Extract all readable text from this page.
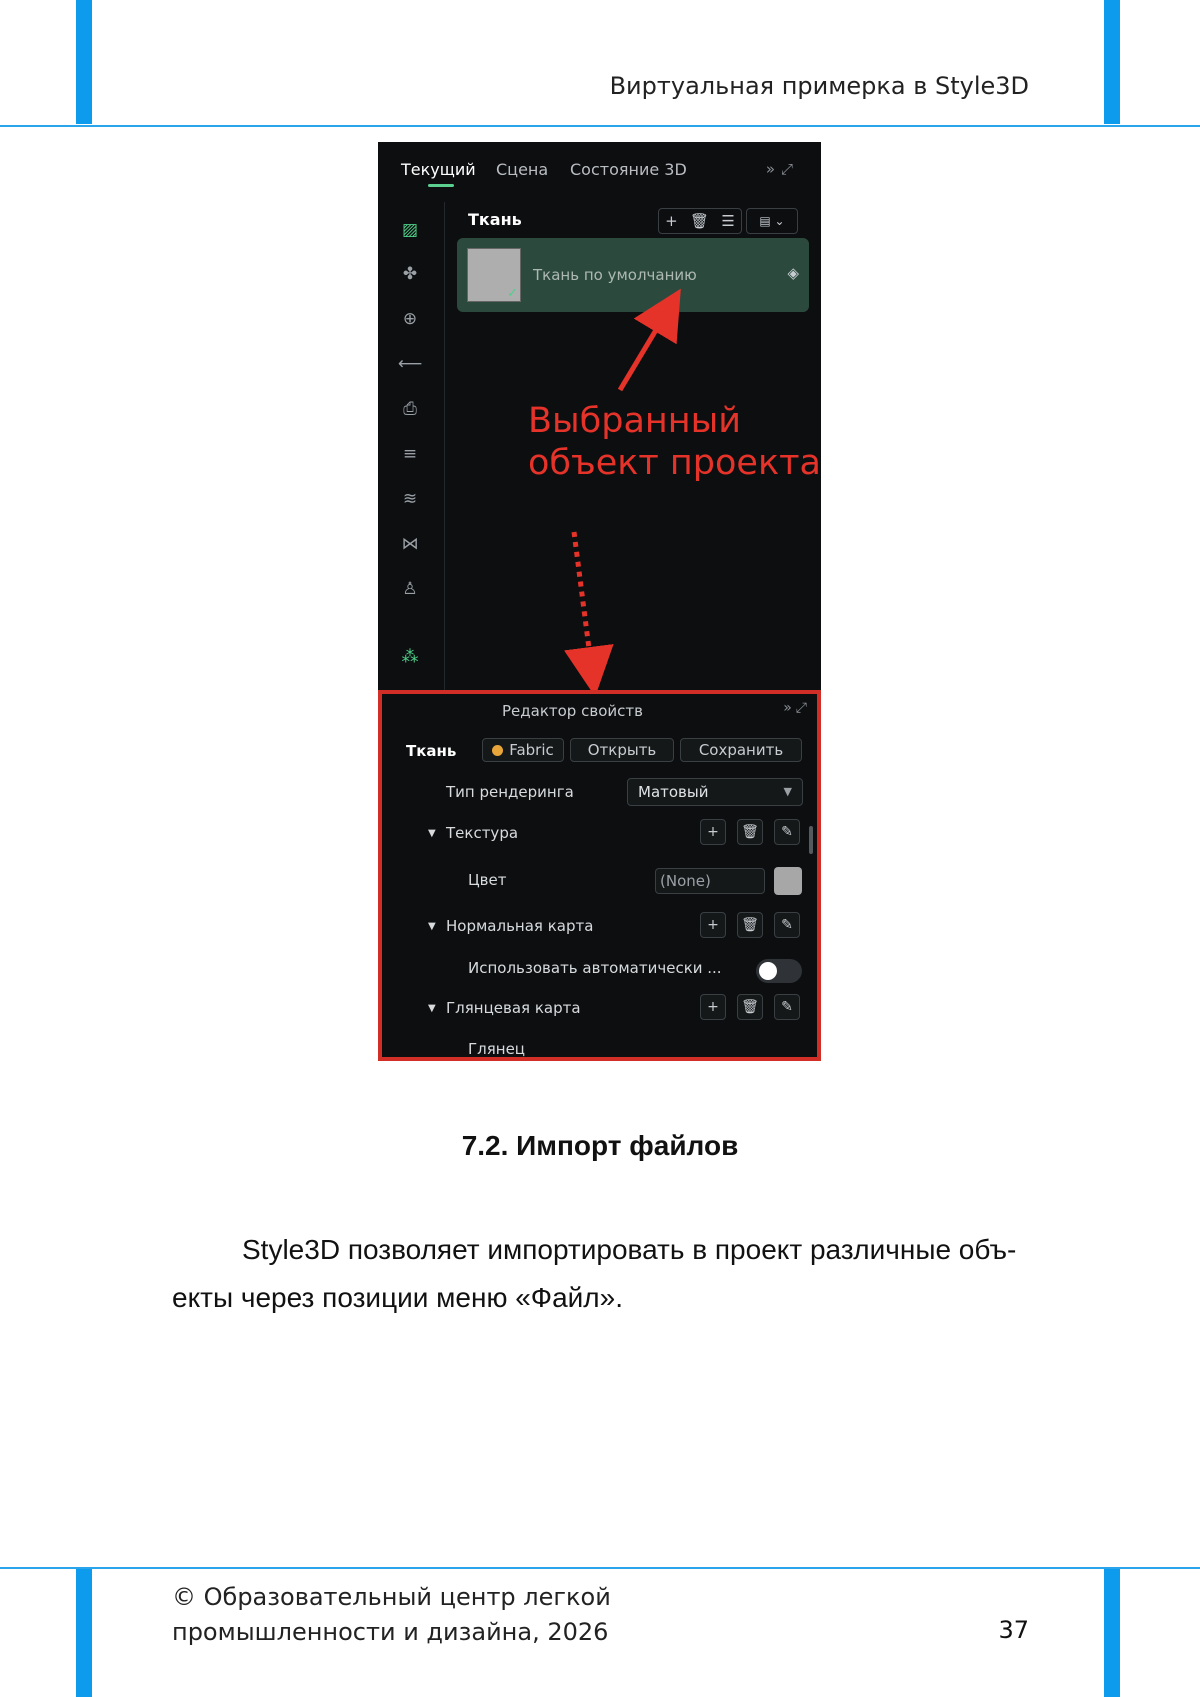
Виртуальная примерка в Style3D
Текущий Сцена Состояние 3D	»⤢
▨
✤
⊕
⟵
⎙
≡
≋
⋈
♙
⁂
Ткань	+ 🗑 ☰	▤ ⌄
✓
Ткань по умолчанию	◈
Выбранный
объект проекта
Редактор свойств	»⤢
Ткань	Fabric	Открыть	Сохранить
Тип рендеринга	Матовый	▼
▼ Текстура	+	🗑	✎
Цвет	(None)
▼ Нормальная карта	+	🗑	✎
Использовать автоматически ...
▼ Глянцевая карта	+	🗑	✎
Глянец
7.2. Импорт файлов
Style3D позволяет импортировать в проект различные объ-
екты через позиции меню «Файл».
© Образовательный центр легкой
промышленности и дизайна, 2026	37
